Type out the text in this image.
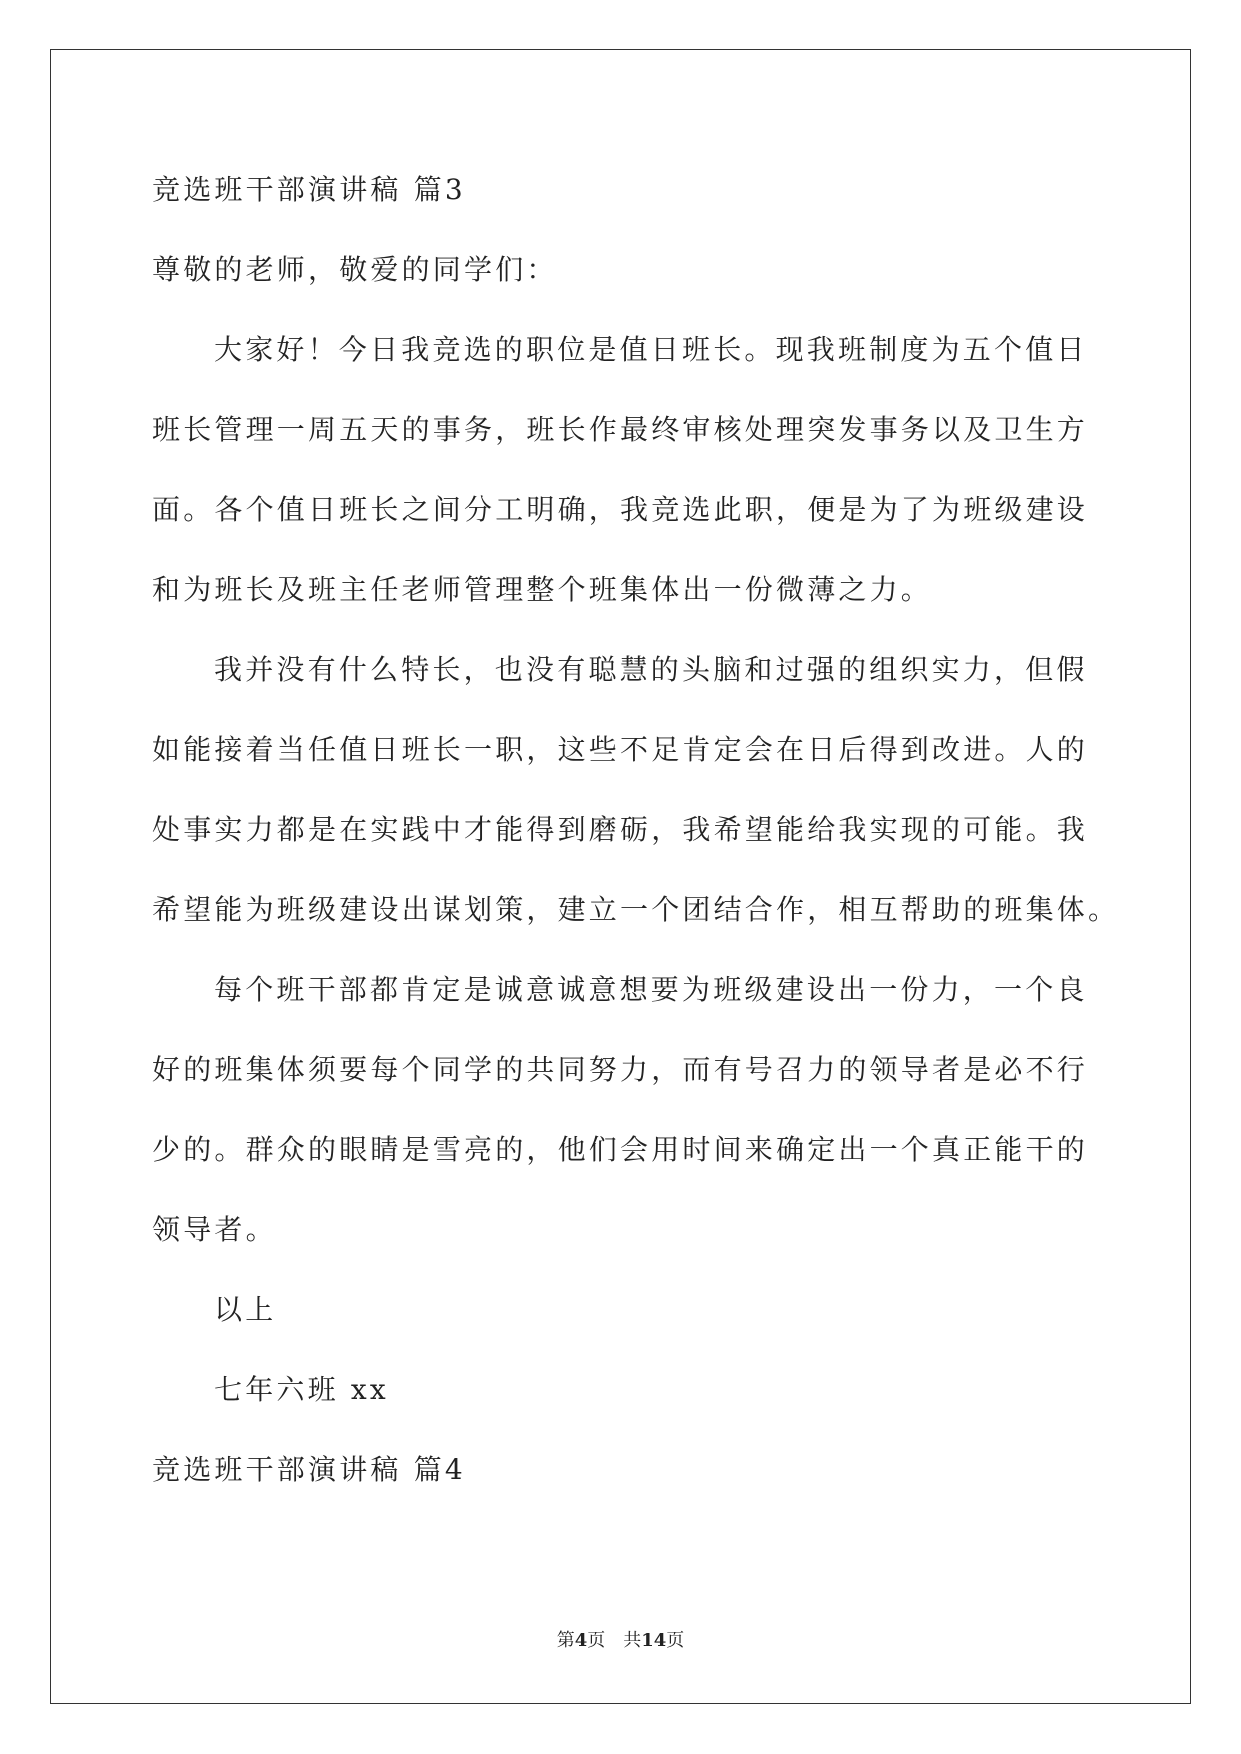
竞选班干部演讲稿 篇3
尊敬的老师，敬爱的同学们：
大家好！今日我竞选的职位是值日班长。现我班制度为五个值日
班长管理一周五天的事务，班长作最终审核处理突发事务以及卫生方
面。各个值日班长之间分工明确，我竞选此职，便是为了为班级建设
和为班长及班主任老师管理整个班集体出一份微薄之力。
我并没有什么特长，也没有聪慧的头脑和过强的组织实力，但假
如能接着当任值日班长一职，这些不足肯定会在日后得到改进。人的
处事实力都是在实践中才能得到磨砺，我希望能给我实现的可能。我
希望能为班级建设出谋划策，建立一个团结合作，相互帮助的班集体。
每个班干部都肯定是诚意诚意想要为班级建设出一份力，一个良
好的班集体须要每个同学的共同努力，而有号召力的领导者是必不行
少的。群众的眼睛是雪亮的，他们会用时间来确定出一个真正能干的
领导者。
以上
七年六班 xx
竞选班干部演讲稿 篇4
第4页 共14页
